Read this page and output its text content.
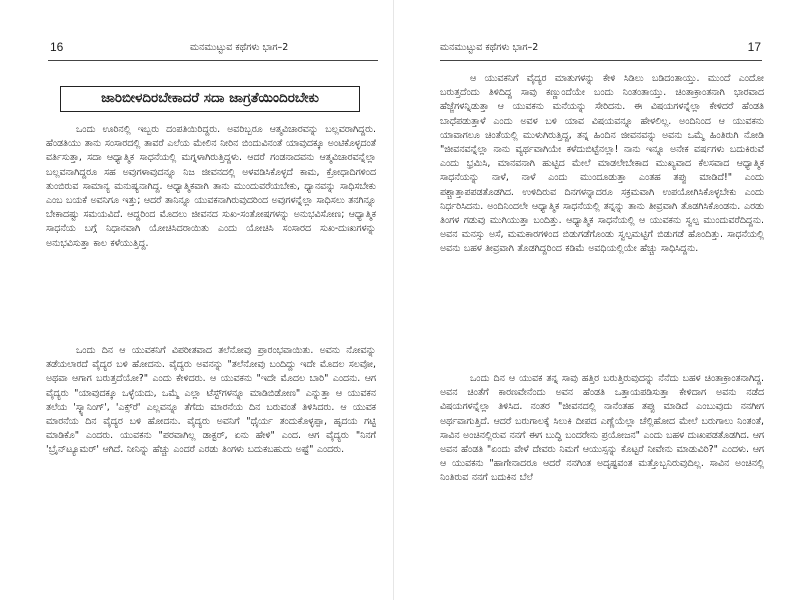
16	ಮನಮುಟ್ಟುವ ಕಥೆಗಳು ಭಾಗ–2
ಜಾರಿಬೀಳದಿರಬೇಕಾದರೆ ಸದಾ ಜಾಗ್ರತೆಯಿಂದಿರಬೇಕು

ಒಂದು ಊರಿನಲ್ಲಿ ಇಬ್ಬರು ದಂಪತಿಯಿರಿದ್ದರು. ಅವರಿಬ್ಬರೂ ಆತ್ಮವಿಚಾರವನ್ನು ಬಲ್ಲವರಾಗಿದ್ದರು. ಹೆಂಡತಿಯು ತಾನು ಸಂಸಾರದಲ್ಲಿ ತಾವರೆ ಎಲೆಯ ಮೇಲಿನ ನೀರಿನ ಬಿಂದುವಿನಂತೆ ಯಾವುದಕ್ಕೂ ಅಂಟಿಕೊಳ್ಳದಂತೆ ವರ್ತಿಸುತ್ತಾ, ಸದಾ ಆಧ್ಯಾತ್ಮಿಕ ಸಾಧನೆಯಲ್ಲಿ ಮಗ್ನಳಾಗಿರುತ್ತಿದ್ದಳು. ಆದರೆ ಗಂಡನಾದವನು ಆತ್ಮವಿಚಾರವನ್ನೆಲ್ಲಾ ಬಲ್ಲವನಾಗಿದ್ದರೂ ಸಹ ಅವುಗಳಾವುದನ್ನೂ ನಿಜ ಜೀವನದಲ್ಲಿ ಅಳವಡಿಸಿಕೊಳ್ಳದೆ ಕಾಮ, ಕ್ರೋಧಾದಿಗಳಿಂದ ತುಂಬಿರುವ ಸಾಮಾನ್ಯ ಮನುಷ್ಯನಾಗಿದ್ದ. ಆಧ್ಯಾತ್ಮಿಕವಾಗಿ ತಾನು ಮುಂದುವರೆಯಬೇಕು, ಧ್ಯಾನವನ್ನು ಸಾಧಿಸಬೇಕು ಎಂಬ ಬಯಕೆ ಅವನಿಗೂ ಇತ್ತು; ಆದರೆ ತಾನಿನ್ನೂ ಯುವಕನಾಗಿರುವುದರಿಂದ ಅವುಗಳನ್ನೆಲ್ಲಾ ಸಾಧಿಸಲು ತನಗಿನ್ನೂ ಬೇಕಾದಷ್ಟು ಸಮಯವಿದೆ. ಆದ್ದರಿಂದ ಮೊದಲು ಜೀವನದ ಸುಖ-ಸಂತೋಷಗಳನ್ನು ಅನುಭವಿಸೋಣ; ಆಧ್ಯಾತ್ಮಿಕ ಸಾಧನೆಯ ಬಗ್ಗೆ ನಿಧಾನವಾಗಿ ಯೋಚಿಸಿದರಾಯಿತು ಎಂದು ಯೋಚಿಸಿ ಸಂಸಾರದ ಸುಖ-ದುಃಖಗಳನ್ನು ಅನುಭವಿಸುತ್ತಾ ಕಾಲ ಕಳೆಯುತ್ತಿದ್ದ.

ಒಂದು ದಿನ ಆ ಯುವಕನಿಗೆ ವಿಪರೀತವಾದ ತಲೆನೋವು ಪ್ರಾರಂಭವಾಯಿತು. ಅವನು ನೋವನ್ನು ತಡೆಯಲಾರದೆ ವೈದ್ಯರ ಬಳಿ ಹೋದನು. ವೈದ್ಯರು ಅವನನ್ನು "ತಲೆನೋವು ಬಂದಿದ್ದು ಇದೇ ಮೊದಲ ಸಲವೋ, ಅಥವಾ ಆಗಾಗ ಬರುತ್ತದೆಯೋ?" ಎಂದು ಕೇಳಿದರು. ಆ ಯುವಕನು "ಇದೇ ಮೊದಲ ಬಾರಿ" ಎಂದನು. ಆಗ ವೈದ್ಯರು "ಯಾವುದಕ್ಕೂ ಒಳ್ಳೆಯದು, ಒಮ್ಮೆ ಎಲ್ಲಾ ಟೆಸ್ಟ್‌ಗಳನ್ನೂ ಮಾಡಿಬಿಡೋಣ" ಎನ್ನುತ್ತಾ ಆ ಯುವಕನ ತಲೆಯ 'ಸ್ಕ್ಯಾನಿಂಗ್', 'ಎಕ್ಸ್‌ರೆ' ಎಲ್ಲವನ್ನೂ ತೆಗೆದು ಮಾರನೆಯ ದಿನ ಬರುವಂತೆ ತಿಳಿಸಿದರು. ಆ ಯುವಕ ಮಾರನೆಯ ದಿನ ವೈದ್ಯರ ಬಳಿ ಹೋದನು. ವೈದ್ಯರು ಅವನಿಗೆ "ಧೈರ್ಯ ತಂದುಕೊಳ್ಳಪ್ಪಾ, ಹೃದಯ ಗಟ್ಟಿ ಮಾಡಿಕೊ" ಎಂದರು. ಯುವಕನು "ಪರವಾಗಿಲ್ಲ ಡಾಕ್ಟರ್, ಏನು ಹೇಳಿ" ಎಂದ. ಆಗ ವೈದ್ಯರು "ನಿನಗೆ 'ಬ್ರೈನ್‌ಟ್ಯೂಮರ್' ಆಗಿದೆ. ನೀನಿನ್ನು ಹೆಚ್ಚು ಎಂದರೆ ಎರಡು ತಿಂಗಳು ಬದುಕಬಹುದು ಅಷ್ಟೆ" ಎಂದರು.

ಮನಮುಟ್ಟುವ ಕಥೆಗಳು ಭಾಗ–2	17

ಆ ಯುವಕನಿಗೆ ವೈದ್ಯರ ಮಾತುಗಳನ್ನು ಕೇಳಿ ಸಿಡಿಲು ಬಡಿದಂತಾಯ್ತು. ಮುಂದೆ ಎಂದೋ ಬರುತ್ತದೆಂದು ತಿಳಿದಿದ್ದ ಸಾವು ಕಣ್ಣುಂದೆಯೇ ಬಂದು ನಿಂತಂತಾಯ್ತು. ಚಿಂತಾಕ್ರಾಂತನಾಗಿ ಭಾರವಾದ ಹೆಜ್ಜೆಗಳನ್ನಿಡುತ್ತಾ ಆ ಯುವಕನು ಮನೆಯನ್ನು ಸೇರಿದನು. ಈ ವಿಷಯಗಳನ್ನೆಲ್ಲಾ ಕೇಳಿದರೆ ಹೆಂಡತಿ ಬಾಧೆಪಡುತ್ತಾಳೆ ಎಂದು ಅವಳ ಬಳಿ ಯಾವ ವಿಷಯವನ್ನೂ ಹೇಳಲಿಲ್ಲ. ಅಂದಿನಿಂದ ಆ ಯುವಕನು ಯಾವಾಗಲೂ ಚಿಂತೆಯಲ್ಲಿ ಮುಳುಗಿರುತ್ತಿದ್ದ, ತನ್ನ ಹಿಂದಿನ ಜೀವನವನ್ನು ಅವನು ಒಮ್ಮೆ ಹಿಂತಿರುಗಿ ನೋಡಿ "ಜೀವನವನ್ನೆಲ್ಲಾ ನಾನು ವ್ಯರ್ಥವಾಗಿಯೇ ಕಳೆದುಬಿಟ್ಟೆನಲ್ಲಾ! ನಾನು ಇನ್ನೂ ಅನೇಕ ವರ್ಷಗಳು ಬದುಕಿರುವೆ ಎಂದು ಭ್ರಮಿಸಿ, ಮಾನವನಾಗಿ ಹುಟ್ಟಿದ ಮೇಲೆ ಮಾಡಲೇಬೇಕಾದ ಮುಖ್ಯವಾದ ಕೆಲಸವಾದ ಆಧ್ಯಾತ್ಮಿಕ ಸಾಧನೆಯನ್ನು ನಾಳೆ, ನಾಳೆ ಎಂದು ಮುಂದೂಡುತ್ತಾ ಎಂತಹ ತಪ್ಪು ಮಾಡಿದೆ!" ಎಂದು ಪಶ್ಚಾತ್ತಾಪಪಡತೊಡಗಿದ. ಉಳಿದಿರುವ ದಿನಗಳನ್ನಾದರೂ ಸಕ್ರಮವಾಗಿ ಉಪಯೋಗಿಸಿಕೊಳ್ಳಬೇಕು ಎಂದು ನಿರ್ಧರಿಸಿದನು. ಅಂದಿನಿಂದಲೇ ಆಧ್ಯಾತ್ಮಿಕ ಸಾಧನೆಯಲ್ಲಿ ತನ್ನನ್ನು ತಾನು ತೀವ್ರವಾಗಿ ತೊಡಗಿಸಿಕೊಂಡನು. ಎರಡು ತಿಂಗಳ ಗಡುವು ಮುಗಿಯುತ್ತಾ ಬಂದಿತ್ತು. ಆಧ್ಯಾತ್ಮಿಕ ಸಾಧನೆಯಲ್ಲಿ ಆ ಯುವಕನು ಸ್ವಲ್ಪ ಮುಂದುವರೆದಿದ್ದನು. ಅವನ ಮನಸ್ಸು ಅಸೆ, ಮಮಕಾರಗಳಿಂದ ಬಿಡುಗಡೆಗೊಂಡು ಸ್ವಲ್ಪಮಟ್ಟಿಗೆ ಬಿಡುಗಡೆ ಹೊಂದಿತ್ತು. ಸಾಧನೆಯಲ್ಲಿ ಅವನು ಬಹಳ ತೀವ್ರವಾಗಿ ತೊಡಗಿದ್ದರಿಂದ ಕಡಿಮೆ ಅವಧಿಯಲ್ಲಿಯೇ ಹೆಚ್ಚು ಸಾಧಿಸಿದ್ದನು.

ಒಂದು ದಿನ ಆ ಯುವಕ ತನ್ನ ಸಾವು ಹತ್ತಿರ ಬರುತ್ತಿರುವುದನ್ನು ನೆನೆದು ಬಹಳ ಚಿಂತಾಕ್ರಾಂತನಾಗಿದ್ದ. ಅವನ ಚಿಂತೆಗೆ ಕಾರಣವೇನೆಂದು ಅವನ ಹೆಂಡತಿ ಒತ್ತಾಯಪಡಿಸುತ್ತಾ ಕೇಳಿದಾಗ ಅವನು ನಡೆದ ವಿಷಯಗಳನ್ನೆಲ್ಲಾ ತಿಳಿಸಿದ. ನಂತರ "ಜೀವನದಲ್ಲಿ ನಾನೆಂತಹ ತಪ್ಪು ಮಾಡಿದೆ ಎಂಬುವುದು ನನಗೀಗ ಅರ್ಥವಾಗುತ್ತಿದೆ. ಆದರೆ ಬರುಗಾಲಕ್ಕೆ ಸಿಲುಕಿ ದೀಪದ ಎಣ್ಣೆಯೆಲ್ಲಾ ಚೆಲ್ಲಿಹೋದ ಮೇಲೆ ಬರುಗಾಲು ನಿಂತಂತೆ, ಸಾವಿನ ಅಂಚಿನಲ್ಲಿರುವ ನನಗೆ ಈಗ ಬುದ್ಧಿ ಬಂದರೇನು ಪ್ರಯೋಜನ" ಎಂದು ಬಹಳ ದುಃಖಪಡತೊಡಗಿದ. ಆಗ ಅವನ ಹೆಂಡತಿ "ಏಂದು ವೇಳೆ ದೇವರು ನಿಮಗೆ ಆಯುಸ್ಸನ್ನು ಕೊಟ್ಟರೆ ನೀವೇನು ಮಾಡುವಿರಿ?" ಎಂದಳು. ಆಗ ಆ ಯುವಕನು "ಹಾಗೇನಾದರೂ ಆದರೆ ನನಗಿಂತ ಅದೃಷ್ಟವಂತ ಮತ್ತೊಬ್ಬನಿರುವುದಿಲ್ಲ. ಸಾವಿನ ಅಂಚಿನಲ್ಲಿ ನಿಂತಿರುವ ನನಗೆ ಬದುಕಿನ ಬೆಲೆ
